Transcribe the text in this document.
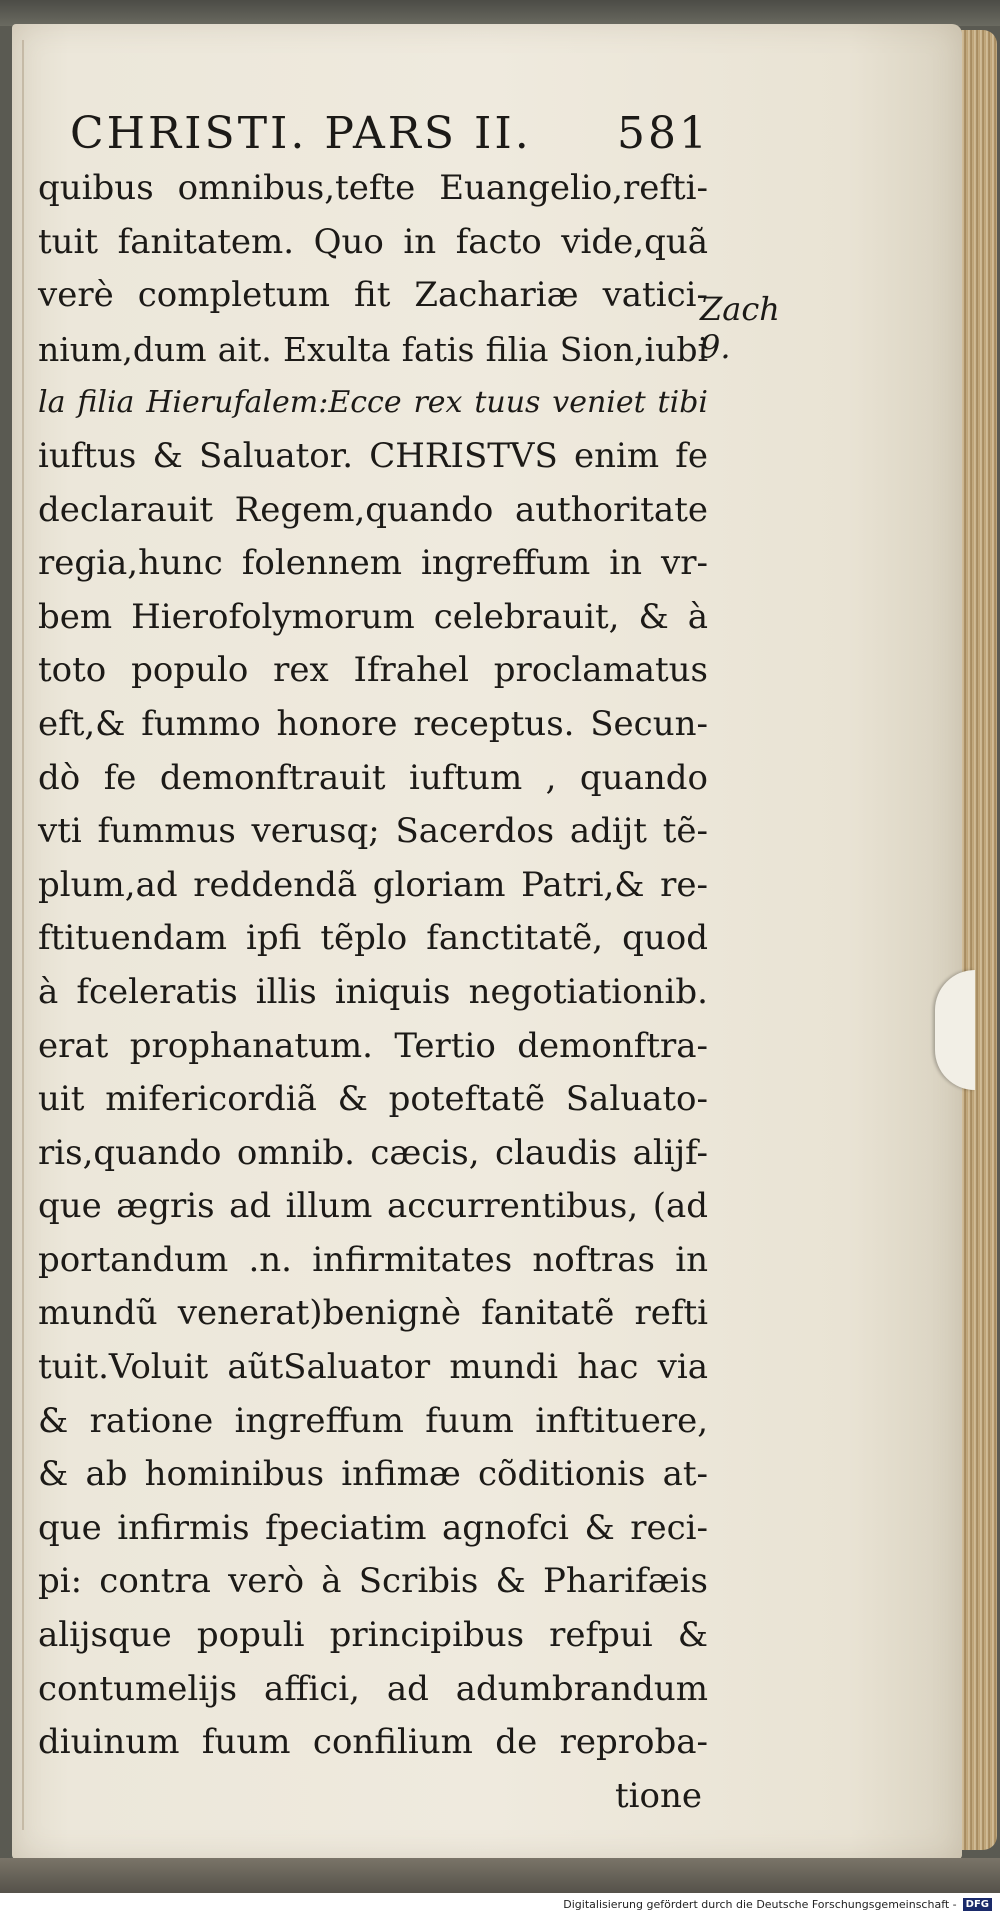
CHRISTI. PARS II. 581
Zach 9.
quibus omnibus,tefte Euangelio,refti-
tuit fanitatem. Quo in facto vide,quã
verè completum fit Zachariæ vatici-
nium,dum ait. Exulta fatis filia Sion,iubi
la filia Hierufalem:Ecce rex tuus veniet tibi
iuftus & Saluator. CHRISTVS enim fe
declarauit Regem,quando authoritate
regia,hunc folennem ingreffum in vr-
bem Hierofolymorum celebrauit, & à
toto populo rex Ifrahel proclamatus
eft,& fummo honore receptus. Secun-
dò fe demonftrauit iuftum , quando
vti fummus verusq; Sacerdos adijt tẽ-
plum,ad reddendã gloriam Patri,& re-
ftituendam ipfi tẽplo fanctitatẽ, quod
à fceleratis illis iniquis negotiationib.
erat prophanatum. Tertio demonftra-
uit mifericordiã & poteftatẽ Saluato-
ris,quando omnib. cæcis, claudis alijf-
que ægris ad illum accurrentibus, (ad
portandum .n. infirmitates noftras in
mundũ venerat)benignè fanitatẽ refti
tuit.Voluit aũtSaluator mundi hac via
& ratione ingreffum fuum inftituere,
& ab hominibus infimæ cõditionis at-
que infirmis fpeciatim agnofci & reci-
pi: contra verò à Scribis & Pharifæis
alijsque populi principibus refpui &
contumelijs affici, ad adumbrandum
diuinum fuum confilium de reproba-
tione
Digitalisierung gefördert durch die Deutsche Forschungsgemeinschaft - DFG
